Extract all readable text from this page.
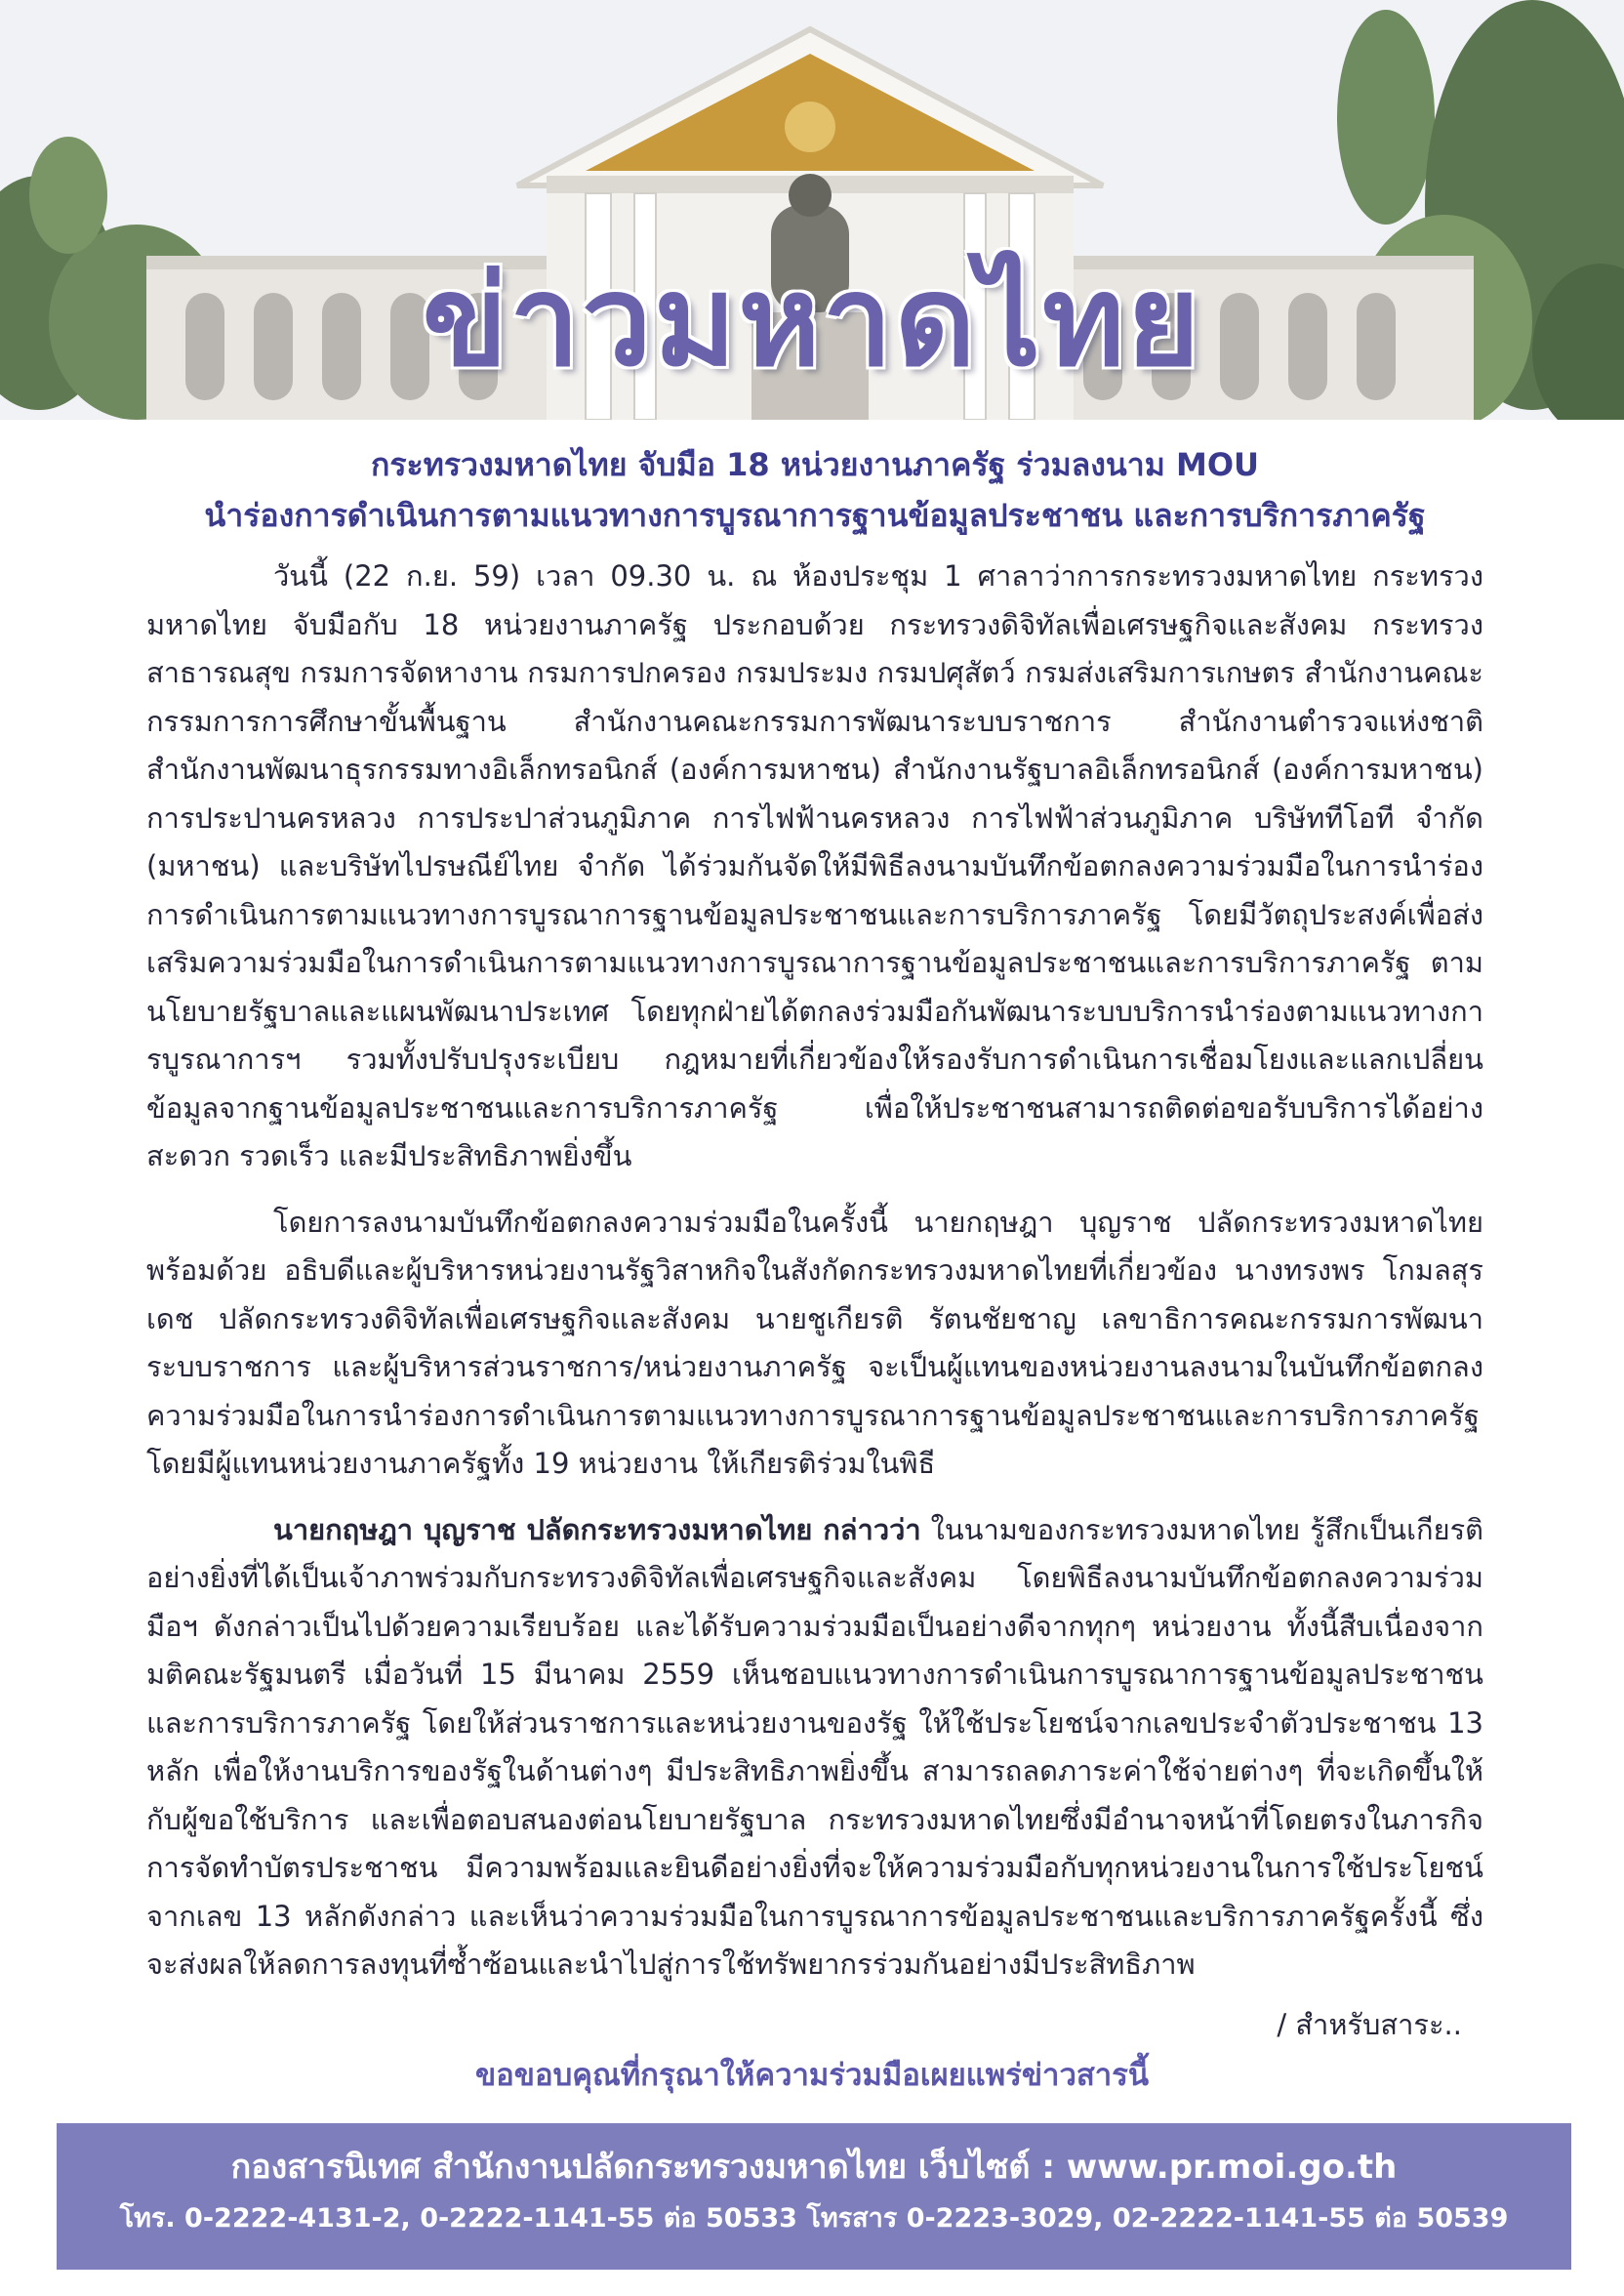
ข่าวมหาดไทย

กระทรวงมหาดไทย จับมือ 18 หน่วยงานภาครัฐ ร่วมลงนาม MOU

นำร่องการดำเนินการตามแนวทางการบูรณาการฐานข้อมูลประชาชน และการบริการภาครัฐ

วันนี้ (22 ก.ย. 59) เวลา 09.30 น. ณ ห้องประชุม 1 ศาลาว่าการกระทรวงมหาดไทย กระทรวงมหาดไทย จับมือกับ 18 หน่วยงานภาครัฐ ประกอบด้วย กระทรวงดิจิทัลเพื่อเศรษฐกิจและสังคม กระทรวงสาธารณสุข กรมการจัดหางาน กรมการปกครอง กรมประมง กรมปศุสัตว์ กรมส่งเสริมการเกษตร สำนักงานคณะกรรมการการศึกษาขั้นพื้นฐาน สำนักงานคณะกรรมการพัฒนาระบบราชการ สำนักงานตำรวจแห่งชาติ สำนักงานพัฒนาธุรกรรมทางอิเล็กทรอนิกส์ (องค์การมหาชน) สำนักงานรัฐบาลอิเล็กทรอนิกส์ (องค์การมหาชน) การประปานครหลวง การประปาส่วนภูมิภาค การไฟฟ้านครหลวง การไฟฟ้าส่วนภูมิภาค บริษัททีโอที จำกัด (มหาชน) และบริษัทไปรษณีย์ไทย จำกัด ได้ร่วมกันจัดให้มีพิธีลงนามบันทึกข้อตกลงความร่วมมือในการนำร่องการดำเนินการตามแนวทางการบูรณาการฐานข้อมูลประชาชนและการบริการภาครัฐ โดยมีวัตถุประสงค์เพื่อส่งเสริมความร่วมมือในการดำเนินการตามแนวทางการบูรณาการฐานข้อมูลประชาชนและการบริการภาครัฐ ตามนโยบายรัฐบาลและแผนพัฒนาประเทศ โดยทุกฝ่ายได้ตกลงร่วมมือกันพัฒนาระบบบริการนำร่องตามแนวทางการบูรณาการฯ รวมทั้งปรับปรุงระเบียบ กฎหมายที่เกี่ยวข้องให้รองรับการดำเนินการเชื่อมโยงและแลกเปลี่ยนข้อมูลจากฐานข้อมูลประชาชนและการบริการภาครัฐ เพื่อให้ประชาชนสามารถติดต่อขอรับบริการได้อย่างสะดวก รวดเร็ว และมีประสิทธิภาพยิ่งขึ้น

โดยการลงนามบันทึกข้อตกลงความร่วมมือในครั้งนี้ นายกฤษฎา บุญราช ปลัดกระทรวงมหาดไทย พร้อมด้วย อธิบดีและผู้บริหารหน่วยงานรัฐวิสาหกิจในสังกัดกระทรวงมหาดไทยที่เกี่ยวข้อง นางทรงพร โกมลสุรเดช ปลัดกระทรวงดิจิทัลเพื่อเศรษฐกิจและสังคม นายชูเกียรติ รัตนชัยชาญ เลขาธิการคณะกรรมการพัฒนาระบบราชการ และผู้บริหารส่วนราชการ/หน่วยงานภาครัฐ จะเป็นผู้แทนของหน่วยงานลงนามในบันทึกข้อตกลงความร่วมมือในการนำร่องการดำเนินการตามแนวทางการบูรณาการฐานข้อมูลประชาชนและการบริการภาครัฐ โดยมีผู้แทนหน่วยงานภาครัฐทั้ง 19 หน่วยงาน ให้เกียรติร่วมในพิธี

นายกฤษฎา บุญราช ปลัดกระทรวงมหาดไทย กล่าวว่า ในนามของกระทรวงมหาดไทย รู้สึกเป็นเกียรติอย่างยิ่งที่ได้เป็นเจ้าภาพร่วมกับกระทรวงดิจิทัลเพื่อเศรษฐกิจและสังคม โดยพิธีลงนามบันทึกข้อตกลงความร่วมมือฯ ดังกล่าวเป็นไปด้วยความเรียบร้อย และได้รับความร่วมมือเป็นอย่างดีจากทุกๆ หน่วยงาน ทั้งนี้สืบเนื่องจากมติคณะรัฐมนตรี เมื่อวันที่ 15 มีนาคม 2559 เห็นชอบแนวทางการดำเนินการบูรณาการฐานข้อมูลประชาชนและการบริการภาครัฐ โดยให้ส่วนราชการและหน่วยงานของรัฐ ให้ใช้ประโยชน์จากเลขประจำตัวประชาชน 13 หลัก เพื่อให้งานบริการของรัฐในด้านต่างๆ มีประสิทธิภาพยิ่งขึ้น สามารถลดภาระค่าใช้จ่ายต่างๆ ที่จะเกิดขึ้นให้กับผู้ขอใช้บริการ และเพื่อตอบสนองต่อนโยบายรัฐบาล กระทรวงมหาดไทยซึ่งมีอำนาจหน้าที่โดยตรงในภารกิจการจัดทำบัตรประชาชน มีความพร้อมและยินดีอย่างยิ่งที่จะให้ความร่วมมือกับทุกหน่วยงานในการใช้ประโยชน์จากเลข 13 หลักดังกล่าว และเห็นว่าความร่วมมือในการบูรณาการข้อมูลประชาชนและบริการภาครัฐครั้งนี้ ซึ่งจะส่งผลให้ลดการลงทุนที่ซ้ำซ้อนและนำไปสู่การใช้ทรัพยากรร่วมกันอย่างมีประสิทธิภาพ

/ สำหรับสาระ..

ขอขอบคุณที่กรุณาให้ความร่วมมือเผยแพร่ข่าวสารนี้
กองสารนิเทศ สำนักงานปลัดกระทรวงมหาดไทย เว็บไซต์ : www.pr.moi.go.th
โทร. 0-2222-4131-2, 0-2222-1141-55 ต่อ 50533 โทรสาร 0-2223-3029, 02-2222-1141-55 ต่อ 50539
